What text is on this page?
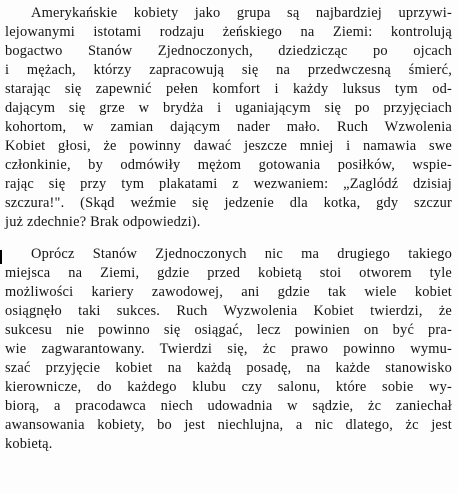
Amerykańskie kobiety jako grupa są najbardziej uprzywi-
lejowanymi istotami rodzaju żeńskiego na Ziemi: kontrolują
bogactwo Stanów Zjednoczonych, dziedzicząc po ojcach
i mężach, którzy zapracowują się na przedwczesną śmierć,
starając się zapewnić pełen komfort i każdy luksus tym od-
dającym się grze w brydża i uganiającym się po przyjęciach
kohortom, w zamian dającym nader mało. Ruch Wzwolenia
Kobiet głosi, że powinny dawać jeszcze mniej i namawia swe
członkinie, by odmówiły mężom gotowania posiłków, wspie-
rając się przy tym plakatami z wezwaniem: „Zaglódź dzisiaj
szczura!". (Skąd weźmie się jedzenie dla kotka, gdy szczur
już zdechnie? Brak odpowiedzi).
Oprócz Stanów Zjednoczonych nic ma drugiego takiego
miejsca na Ziemi, gdzie przed kobietą stoi otworem tyle
możliwości kariery zawodowej, ani gdzie tak wiele kobiet
osiągnęło taki sukces. Ruch Wyzwolenia Kobiet twierdzi, że
sukcesu nie powinno się osiągać, lecz powinien on być pra-
wie zagwarantowany. Twierdzi się, żc prawo powinno wymu-
szać przyjęcie kobiet na każdą posadę, na każde stanowisko
kierownicze, do każdego klubu czy salonu, które sobie wy-
biorą, a pracodawca niech udowadnia w sądzie, żc zaniechał
awansowania kobiety, bo jest niechlujna, a nic dlatego, żc jest
kobietą.
